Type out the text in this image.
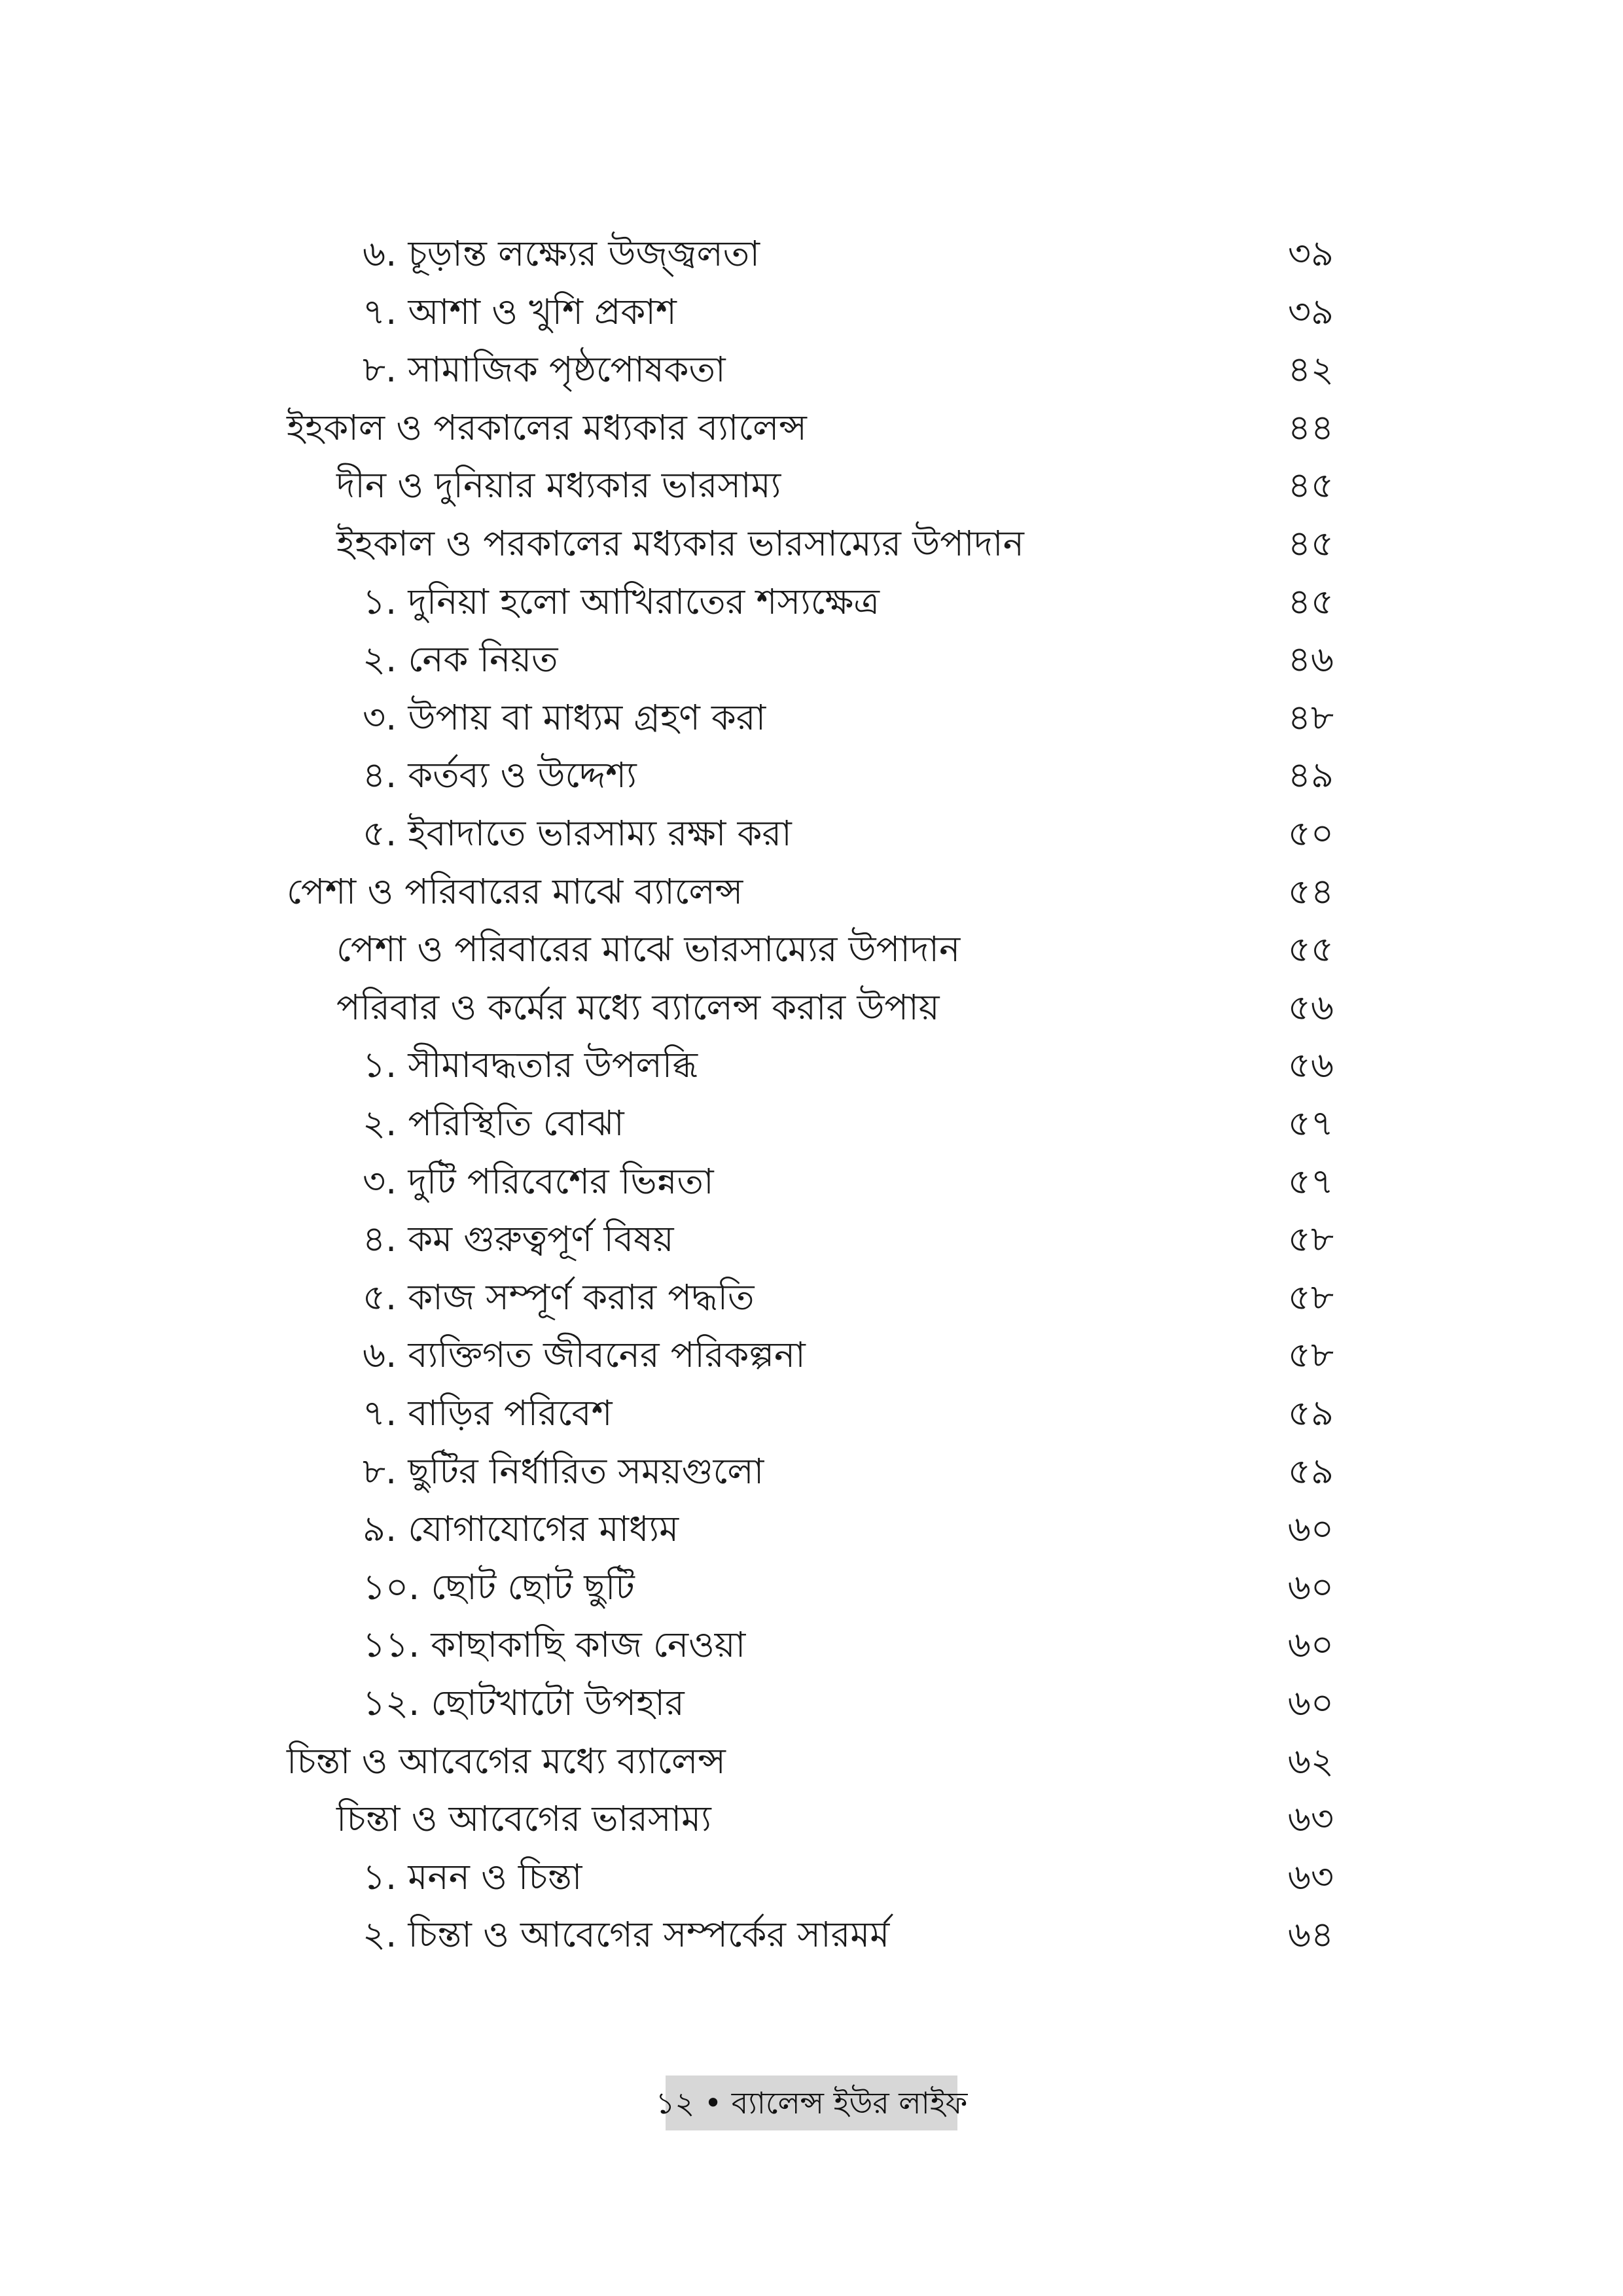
৬. চূড়ান্ত লক্ষ্যের উজ্জ্বলতা	৩৯
৭. আশা ও খুশি প্রকাশ	৩৯
৮. সামাজিক পৃষ্ঠপোষকতা	৪২
ইহকাল ও পরকালের মধ্যকার ব্যালেন্স	৪৪
দীন ও দুনিয়ার মধ্যকার ভারসাম্য	৪৫
ইহকাল ও পরকালের মধ্যকার ভারসাম্যের উপাদান	৪৫
১. দুনিয়া হলো আখিরাতের শস্যক্ষেত্র	৪৫
২. নেক নিয়ত	৪৬
৩. উপায় বা মাধ্যম গ্রহণ করা	৪৮
৪. কর্তব্য ও উদ্দেশ্য	৪৯
৫. ইবাদাতে ভারসাম্য রক্ষা করা	৫০
পেশা ও পরিবারের মাঝে ব্যালেন্স	৫৪
পেশা ও পরিবারের মাঝে ভারসাম্যের উপাদান	৫৫
পরিবার ও কর্মের মধ্যে ব্যালেন্স করার উপায়	৫৬
১. সীমাবদ্ধতার উপলব্ধি	৫৬
২. পরিস্থিতি বোঝা	৫৭
৩. দুটি পরিবেশের ভিন্নতা	৫৭
৪. কম গুরুত্বপূর্ণ বিষয়	৫৮
৫. কাজ সম্পূর্ণ করার পদ্ধতি	৫৮
৬. ব্যক্তিগত জীবনের পরিকল্পনা	৫৮
৭. বাড়ির পরিবেশ	৫৯
৮. ছুটির নির্ধারিত সময়গুলো	৫৯
৯. যোগাযোগের মাধ্যম	৬০
১০. ছোট ছোট ছুটি	৬০
১১. কাছাকাছি কাজ নেওয়া	৬০
১২. ছোটখাটো উপহার	৬০
চিন্তা ও আবেগের মধ্যে ব্যালেন্স	৬২
চিন্তা ও আবেগের ভারসাম্য	৬৩
১. মনন ও চিন্তা	৬৩
২. চিন্তা ও আবেগের সম্পর্কের সারমর্ম	৬৪
১২ • ব্যালেন্স ইউর লাইফ
